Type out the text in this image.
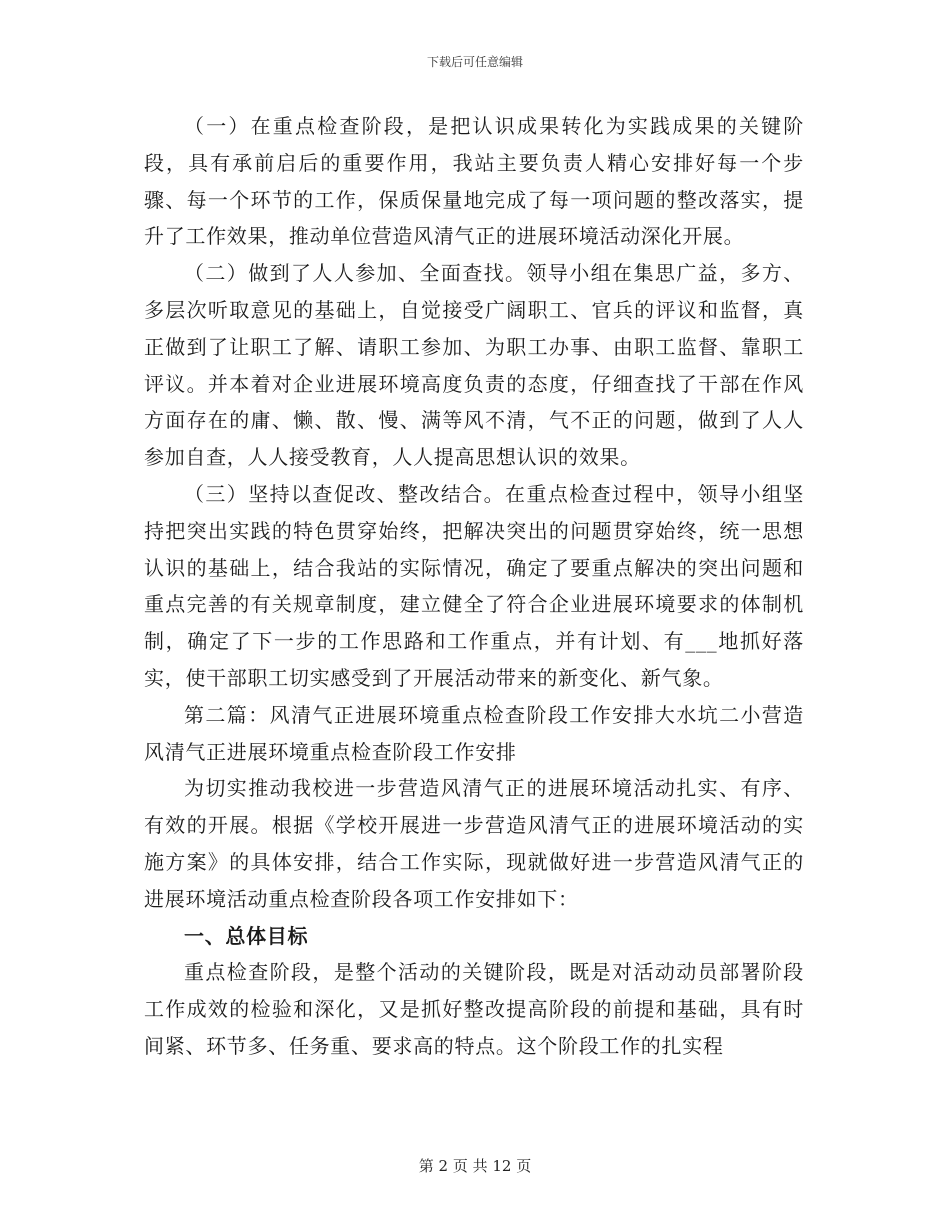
下载后可任意编辑

（一）在重点检查阶段，是把认识成果转化为实践成果的关键阶段，具有承前启后的重要作用，我站主要负责人精心安排好每一个步骤、每一个环节的工作，保质保量地完成了每一项问题的整改落实，提升了工作效果，推动单位营造风清气正的进展环境活动深化开展。

（二）做到了人人参加、全面查找。领导小组在集思广益，多方、多层次听取意见的基础上，自觉接受广阔职工、官兵的评议和监督，真正做到了让职工了解、请职工参加、为职工办事、由职工监督、靠职工评议。并本着对企业进展环境高度负责的态度，仔细查找了干部在作风方面存在的庸、懒、散、慢、满等风不清，气不正的问题，做到了人人参加自查，人人接受教育，人人提高思想认识的效果。

（三）坚持以查促改、整改结合。在重点检查过程中，领导小组坚持把突出实践的特色贯穿始终，把解决突出的问题贯穿始终，统一思想认识的基础上，结合我站的实际情况，确定了要重点解决的突出问题和重点完善的有关规章制度，建立健全了符合企业进展环境要求的体制机制，确定了下一步的工作思路和工作重点，并有计划、有___地抓好落实，使干部职工切实感受到了开展活动带来的新变化、新气象。

第二篇：风清气正进展环境重点检查阶段工作安排大水坑二小营造风清气正进展环境重点检查阶段工作安排

为切实推动我校进一步营造风清气正的进展环境活动扎实、有序、有效的开展。根据《学校开展进一步营造风清气正的进展环境活动的实施方案》的具体安排，结合工作实际，现就做好进一步营造风清气正的进展环境活动重点检查阶段各项工作安排如下：

一、总体目标

重点检查阶段，是整个活动的关键阶段，既是对活动动员部署阶段工作成效的检验和深化，又是抓好整改提高阶段的前提和基础，具有时间紧、环节多、任务重、要求高的特点。这个阶段工作的扎实程

第 2 页 共 12 页
